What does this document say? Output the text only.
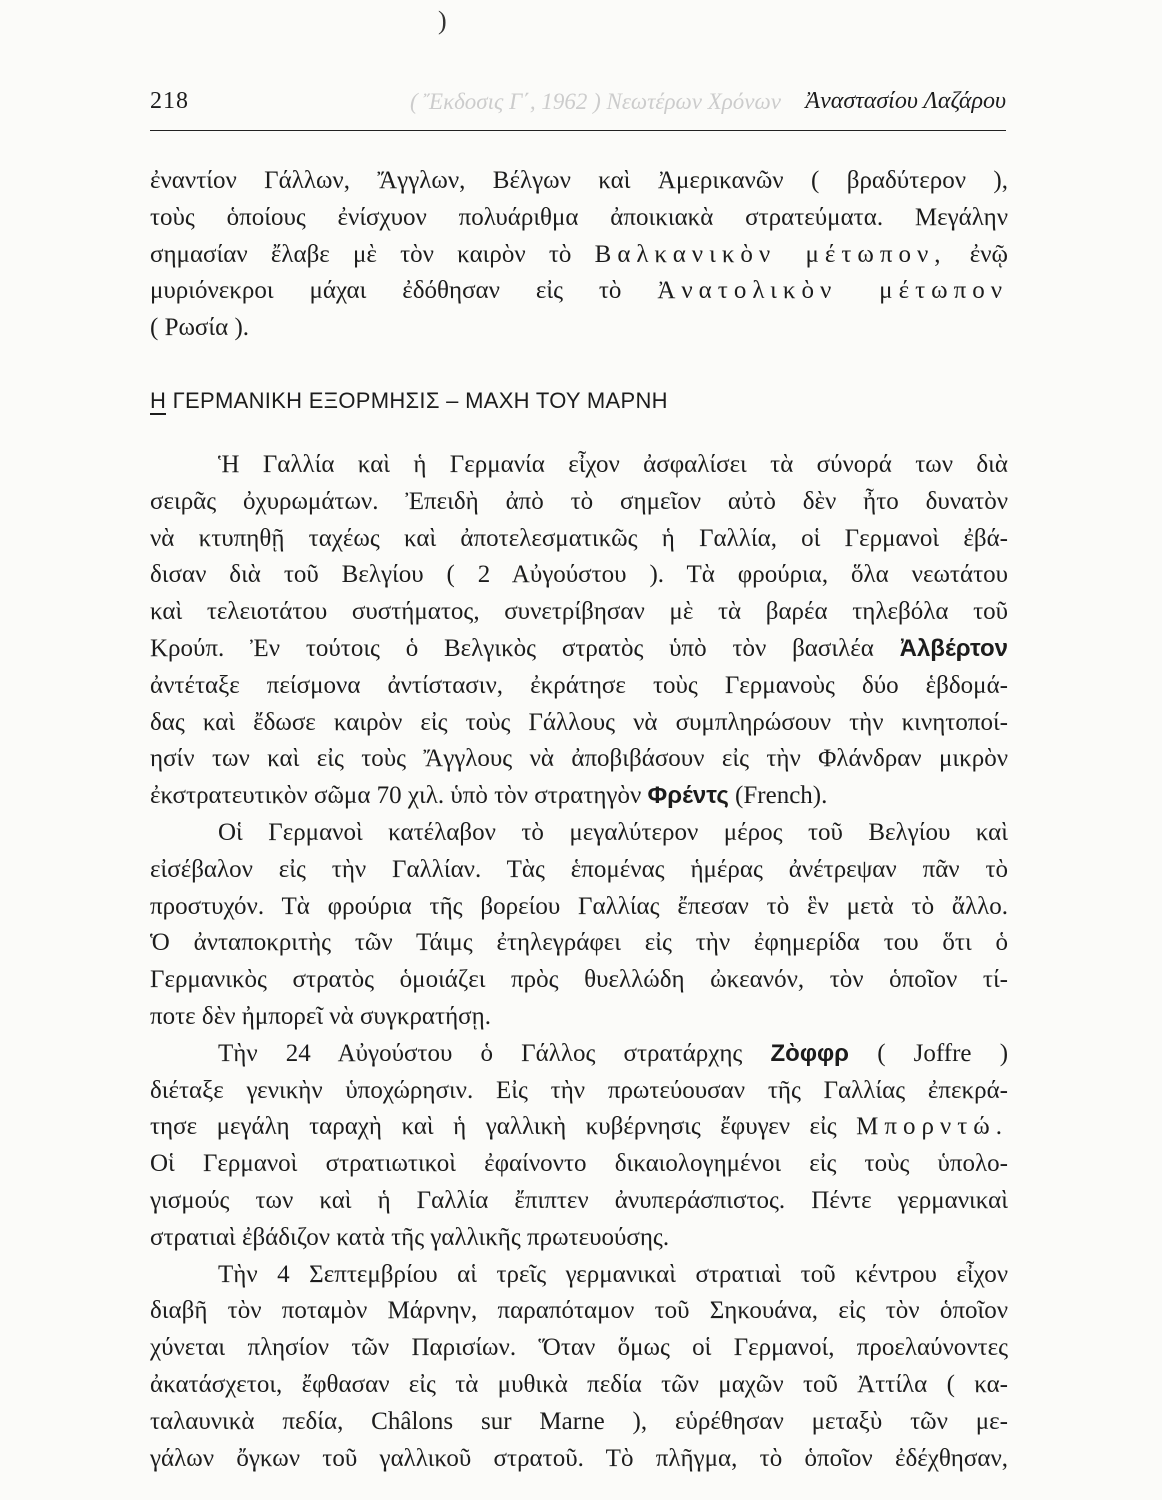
)
218	( Ἔκδοσις Γ΄, 1962 ) Νεωτέρων Χρόνων Ἀναστασίου Λαζάρου
ἐναντίον Γάλλων, Ἄγγλων, Βέλγων καὶ Ἀμερικανῶν ( βραδύτερον ),
τοὺς ὁποίους ἐνίσχυον πολυάριθμα ἀποικιακὰ στρατεύματα. Μεγάλην
σημασίαν ἔλαβε μὲ τὸν καιρὸν τὸ Βαλκανικὸν μέτωπον, ἐνῷ
μυριόνεκροι μάχαι ἐδόθησαν εἰς τὸ Ἀνατολικὸν μέτωπον
( Ρωσία ).
Η ΓΕΡΜΑΝΙΚΗ ΕΞΟΡΜΗΣΙΣ – ΜΑΧΗ ΤΟΥ ΜΑΡΝΗ
Ἡ Γαλλία καὶ ἡ Γερμανία εἶχον ἀσφαλίσει τὰ σύνορά των διὰ
σειρᾶς ὀχυρωμάτων. Ἐπειδὴ ἀπὸ τὸ σημεῖον αὐτὸ δὲν ἦτο δυνατὸν
νὰ κτυπηθῇ ταχέως καὶ ἀποτελεσματικῶς ἡ Γαλλία, οἱ Γερμανοὶ ἐβά-
δισαν διὰ τοῦ Βελγίου ( 2 Αὐγούστου ). Τὰ φρούρια, ὅλα νεωτάτου
καὶ τελειοτάτου συστήματος, συνετρίβησαν μὲ τὰ βαρέα τηλεβόλα τοῦ
Κρούπ. Ἐν τούτοις ὁ Βελγικὸς στρατὸς ὑπὸ τὸν βασιλέα Ἀλβέρτον
ἀντέταξε πείσμονα ἀντίστασιν, ἐκράτησε τοὺς Γερμανοὺς δύο ἑβδομά-
δας καὶ ἔδωσε καιρὸν εἰς τοὺς Γάλλους νὰ συμπληρώσουν τὴν κινητοποί-
ησίν των καὶ εἰς τοὺς Ἄγγλους νὰ ἀποβιβάσουν εἰς τὴν Φλάνδραν μικρὸν
ἐκστρατευτικὸν σῶμα 70 χιλ. ὑπὸ τὸν στρατηγὸν Φρέντς (French).
Οἱ Γερμανοὶ κατέλαβον τὸ μεγαλύτερον μέρος τοῦ Βελγίου καὶ
εἰσέβαλον εἰς τὴν Γαλλίαν. Τὰς ἑπομένας ἡμέρας ἀνέτρεψαν πᾶν τὸ
προστυχόν. Τὰ φρούρια τῆς βορείου Γαλλίας ἔπεσαν τὸ ἓν μετὰ τὸ ἄλλο.
Ὁ ἀνταποκριτὴς τῶν Τάιμς ἐτηλεγράφει εἰς τὴν ἐφημερίδα του ὅτι ὁ
Γερμανικὸς στρατὸς ὁμοιάζει πρὸς θυελλώδη ὠκεανόν, τὸν ὁποῖον τί-
ποτε δὲν ἠμπορεῖ νὰ συγκρατήσῃ.
Τὴν 24 Αὐγούστου ὁ Γάλλος στρατάρχης Ζὸφφρ ( Joffre )
διέταξε γενικὴν ὑποχώρησιν. Εἰς τὴν πρωτεύουσαν τῆς Γαλλίας ἐπεκρά-
τησε μεγάλη ταραχὴ καὶ ἡ γαλλικὴ κυβέρνησις ἔφυγεν εἰς Μπορντώ.
Οἱ Γερμανοὶ στρατιωτικοὶ ἐφαίνοντο δικαιολογημένοι εἰς τοὺς ὑπολο-
γισμούς των καὶ ἡ Γαλλία ἔπιπτεν ἀνυπεράσπιστος. Πέντε γερμανικαὶ
στρατιαὶ ἐβάδιζον κατὰ τῆς γαλλικῆς πρωτευούσης.
Τὴν 4 Σεπτεμβρίου αἱ τρεῖς γερμανικαὶ στρατιαὶ τοῦ κέντρου εἶχον
διαβῆ τὸν ποταμὸν Μάρνην, παραπόταμον τοῦ Σηκουάνα, εἰς τὸν ὁποῖον
χύνεται πλησίον τῶν Παρισίων. Ὅταν ὅμως οἱ Γερμανοί, προελαύνοντες
ἀκατάσχετοι, ἔφθασαν εἰς τὰ μυθικὰ πεδία τῶν μαχῶν τοῦ Ἀττίλα ( κα-
ταλαυνικὰ πεδία, Châlons sur Marne ), εὑρέθησαν μεταξὺ τῶν με-
γάλων ὄγκων τοῦ γαλλικοῦ στρατοῦ. Τὸ πλῆγμα, τὸ ὁποῖον ἐδέχθησαν,
